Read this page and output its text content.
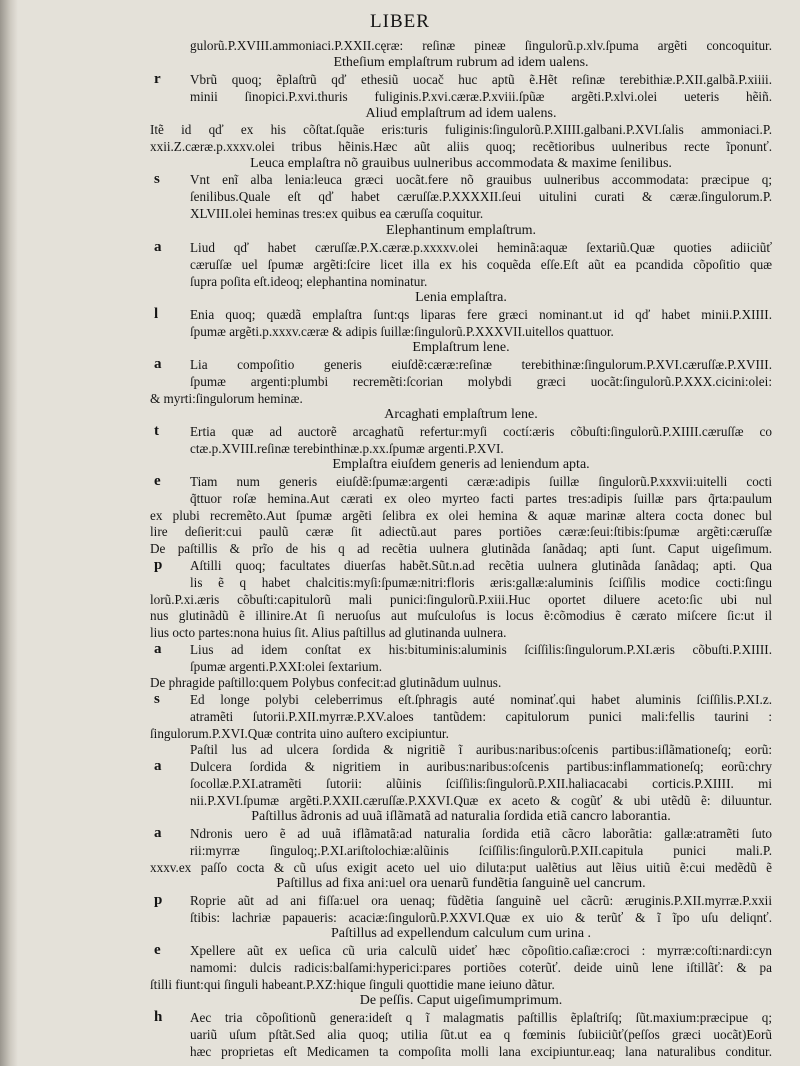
LIBER
gulorũ.P.XVIII.ammoniaci.P.XXII.cęræ: reſinæ pineæ ſingulorũ.p.xlv.ſpuma argẽti concoquitur.
Etheſium emplaſtrum rubrum ad idem ualens.
Vbrũ quoq; ẽplaſtrũ qď ethesiũ uocač huc aptũ ẽ.Hẽt reſinæ terebithiæ.P.XII.galbã.P.xiiii.
r
minii ſinopici.P.xvi.thuris fuliginis.P.xvi.cæræ.P.xviii.ſpũæ argẽti.P.xlvi.olei ueteris hẽiñ.
Aliud emplaſtrum ad idem ualens.
Itẽ id qď ex his cõſtat.ſquãe eris:turis fuliginis:ſingulorũ.P.XIIII.galbani.P.XVI.ſalis ammoniaci.P.
xxii.Z.cæræ.p.xxxv.olei tribus hẽinis.Hæc aũt aliis quoq; recẽtioribus uulneribus recte ĩponunť.
Leuca emplaſtra nõ grauibus uulneribus accommodata & maxime ſenilibus.
Vnt enĩ alba lenia:leuca græci uocãt.fere nõ grauibus uulneribus accommodata: præcipue q;
s
ſenilibus.Quale eſt qď habet cæruſſæ.P.XXXXII.ſeui uitulini curati & cæræ.ſingulorum.P.
XLVIII.olei heminas tres:ex quibus ea cæruſſa coquitur.
Elephantinum emplaſtrum.
Liud qď habet cæruſſæ.P.X.cæræ.p.xxxxv.olei heminã:aquæ ſextariũ.Quæ quoties adiiciũť
a
cæruſſæ uel ſpumæ argẽti:ſcire licet illa ex his coquẽda eſſe.Eſt aũt ea pcandida cõpoſitio quæ
ſupra poſita eſt.ideoq; elephantina nominatur.
Lenia emplaſtra.
Enia quoq; quædã emplaſtra ſunt:qs liparas fere græci nominant.ut id qď habet minii.P.XIIII.
l
ſpumæ argẽti.p.xxxv.cæræ & adipis ſuillæ:ſingulorũ.P.XXXVII.uitellos quattuor.
Emplaſtrum lene.
Lia compoſitio generis eiuſdẽ:cæræ:reſinæ terebithinæ:ſingulorum.P.XVI.cæruſſæ.P.XVIII.
a
ſpumæ argenti:plumbi recremẽti:ſcorian molybdi græci uocãt:ſingulorũ.P.XXX.cicini:olei:
& myrti:ſingulorum heminæ.
Arcaghati emplaſtrum lene.
Ertia quæ ad auctorẽ arcaghatũ refertur:myſi coctí:æris cõbuſti:ſingulorũ.P.XIIII.cæruſſæ co
t
ctæ.p.XVIII.reſinæ terebinthinæ.p.xx.ſpumæ argenti.P.XVI.
Emplaſtra eiuſdem generis ad leniendum apta.
Tiam num generis eiuſdẽ:ſpumæ:argenti cæræ:adipis ſuillæ ſingulorũ.P.xxxvii:uitelli cocti
e
q̃ttuor roſæ hemina.Aut cærati ex oleo myrteo facti partes tres:adipis ſuillæ pars q̃rta:paulum
ex plubi recremẽto.Aut ſpumæ argẽti ſelibra ex olei hemina & aquæ marinæ altera cocta donec bul
lire deſierit:cui paulũ cæræ ſit adiectũ.aut pares portiões cæræ:ſeui:ſtibis:ſpumæ argẽti:cæruſſæ
De paſtillis & prĩo de his q ad recẽtia uulnera glutinãda ſanãdaq; apti ſunt. Caput uigeſimum.
Aſtilli quoq; facultates diuerſas habẽt.Sũt.n.ad recẽtia uulnera glutinãda ſanãdaq; apti. Qua
p
lis ẽ q habet chalcitis:myſi:ſpumæ:nitri:floris æris:gallæ:aluminis ſciſſilis modice cocti:ſingu
lorũ.P.xi.æris cõbuſti:capitulorũ mali punici:ſingulorũ.P.xiii.Huc oportet diluere aceto:ſic ubi nul
nus glutinãdũ ẽ illinire.At ſi neruoſus aut muſculoſus is locus ẽ:cõmodius ẽ cærato miſcere ſic:ut il
lius octo partes:nona huius ſit. Alius paſtillus ad glutinanda uulnera.
Lius ad idem conſtat ex his:bituminis:aluminis ſciſſilis:ſingulorum.P.XI.æris cõbuſti.P.XIIII.
a
ſpumæ argenti.P.XXI:olei ſextarium.
De phragide paſtillo:quem Polybus confecit:ad glutinãdum uulnus.
Ed longe polybi celeberrimus eſt.ſphragis auté nominať.qui habet aluminis ſciſſilis.P.XI.z.
s
atramẽti ſutorii.P.XII.myrræ.P.XV.aloes tantũdem: capitulorum punici mali:fellis taurini :
ſingulorum.P.XVI.Quæ contrita uino auſtero excipiuntur.
Paſtil lus ad ulcera ſordida & nigritiẽ ĩ auribus:naribus:oſcenis partibus:iſlãmationeſq; eorũ:
Dulcera ſordida & nigritiem in auribus:naribus:oſcenis partibus:inflammationeſq; eorũ:chry
a
ſocollæ.P.XI.atramẽti ſutorii: alũinis ſciſſilis:ſingulorũ.P.XII.haliacacabi corticis.P.XIIII. mi
nii.P.XVI.ſpumæ argẽti.P.XXII.cæruſſæ.P.XXVI.Quæ ex aceto & cogũť & ubi utẽdũ ẽ: diluuntur.
Paſtillus ãdronis ad uuã iſlãmatã ad naturalia ſordida etiã cancro laborantia.
Ndronis uero ẽ ad uuã iflãmatã:ad naturalia ſordida etiã cãcro laborãtia: gallæ:atramẽti ſuto
a
rii:myrræ ſinguloq;.P.XI.ariſtolochiæ:alũinis ſciſſilis:ſingulorũ.P.XII.capitula punici mali.P.
xxxv.ex paſſo cocta & cũ uſus exigit aceto uel uio diluta:put ualẽtius aut lẽius uitiũ ẽ:cui medẽdũ ẽ
Paſtillus ad fixa ani:uel ora uenarũ fundẽtia ſanguinẽ uel cancrum.
Roprie aũt ad ani fiſſa:uel ora uenaq; fũdẽtia ſanguinẽ uel cãcrũ: æruginis.P.XII.myrræ.P.xxii
p
ſtibis: lachriæ papaueris: acaciæ:ſingulorũ.P.XXVI.Quæ ex uio & terũť & ĩ ĩpo uſu deliqnť.
Paſtillus ad expellendum calculum cum urina .
Xpellere aũt ex ueſica cũ uria calculũ uideť hæc cõpoſitio.caſiæ:croci : myrræ:coſti:nardi:cyn
e
namomi: dulcis radicis:balſami:hyperici:pares portiões coterũť. deide uinũ lene iſtillãť: & pa
ſtilli fiunt:qui ſinguli habeant.P.XZ:hique ſinguli quottidie mane ieiuno dãtur.
De peſſis. Caput uigeſimumprimum.
Aec tria cõpoſitionũ genera:ideſt q ĩ malagmatis paſtillis ẽplaſtriſq; ſũt.maxium:præcipue q;
h
uariũ uſum pſtãt.Sed alia quoq; utilia ſũt.ut ea q fœminis ſubiiciũť(peſſos græci uocãt)Eorũ
hæc proprietas eſt Medicamen ta compoſita molli lana excipiuntur.eaq; lana naturalibus conditur.
